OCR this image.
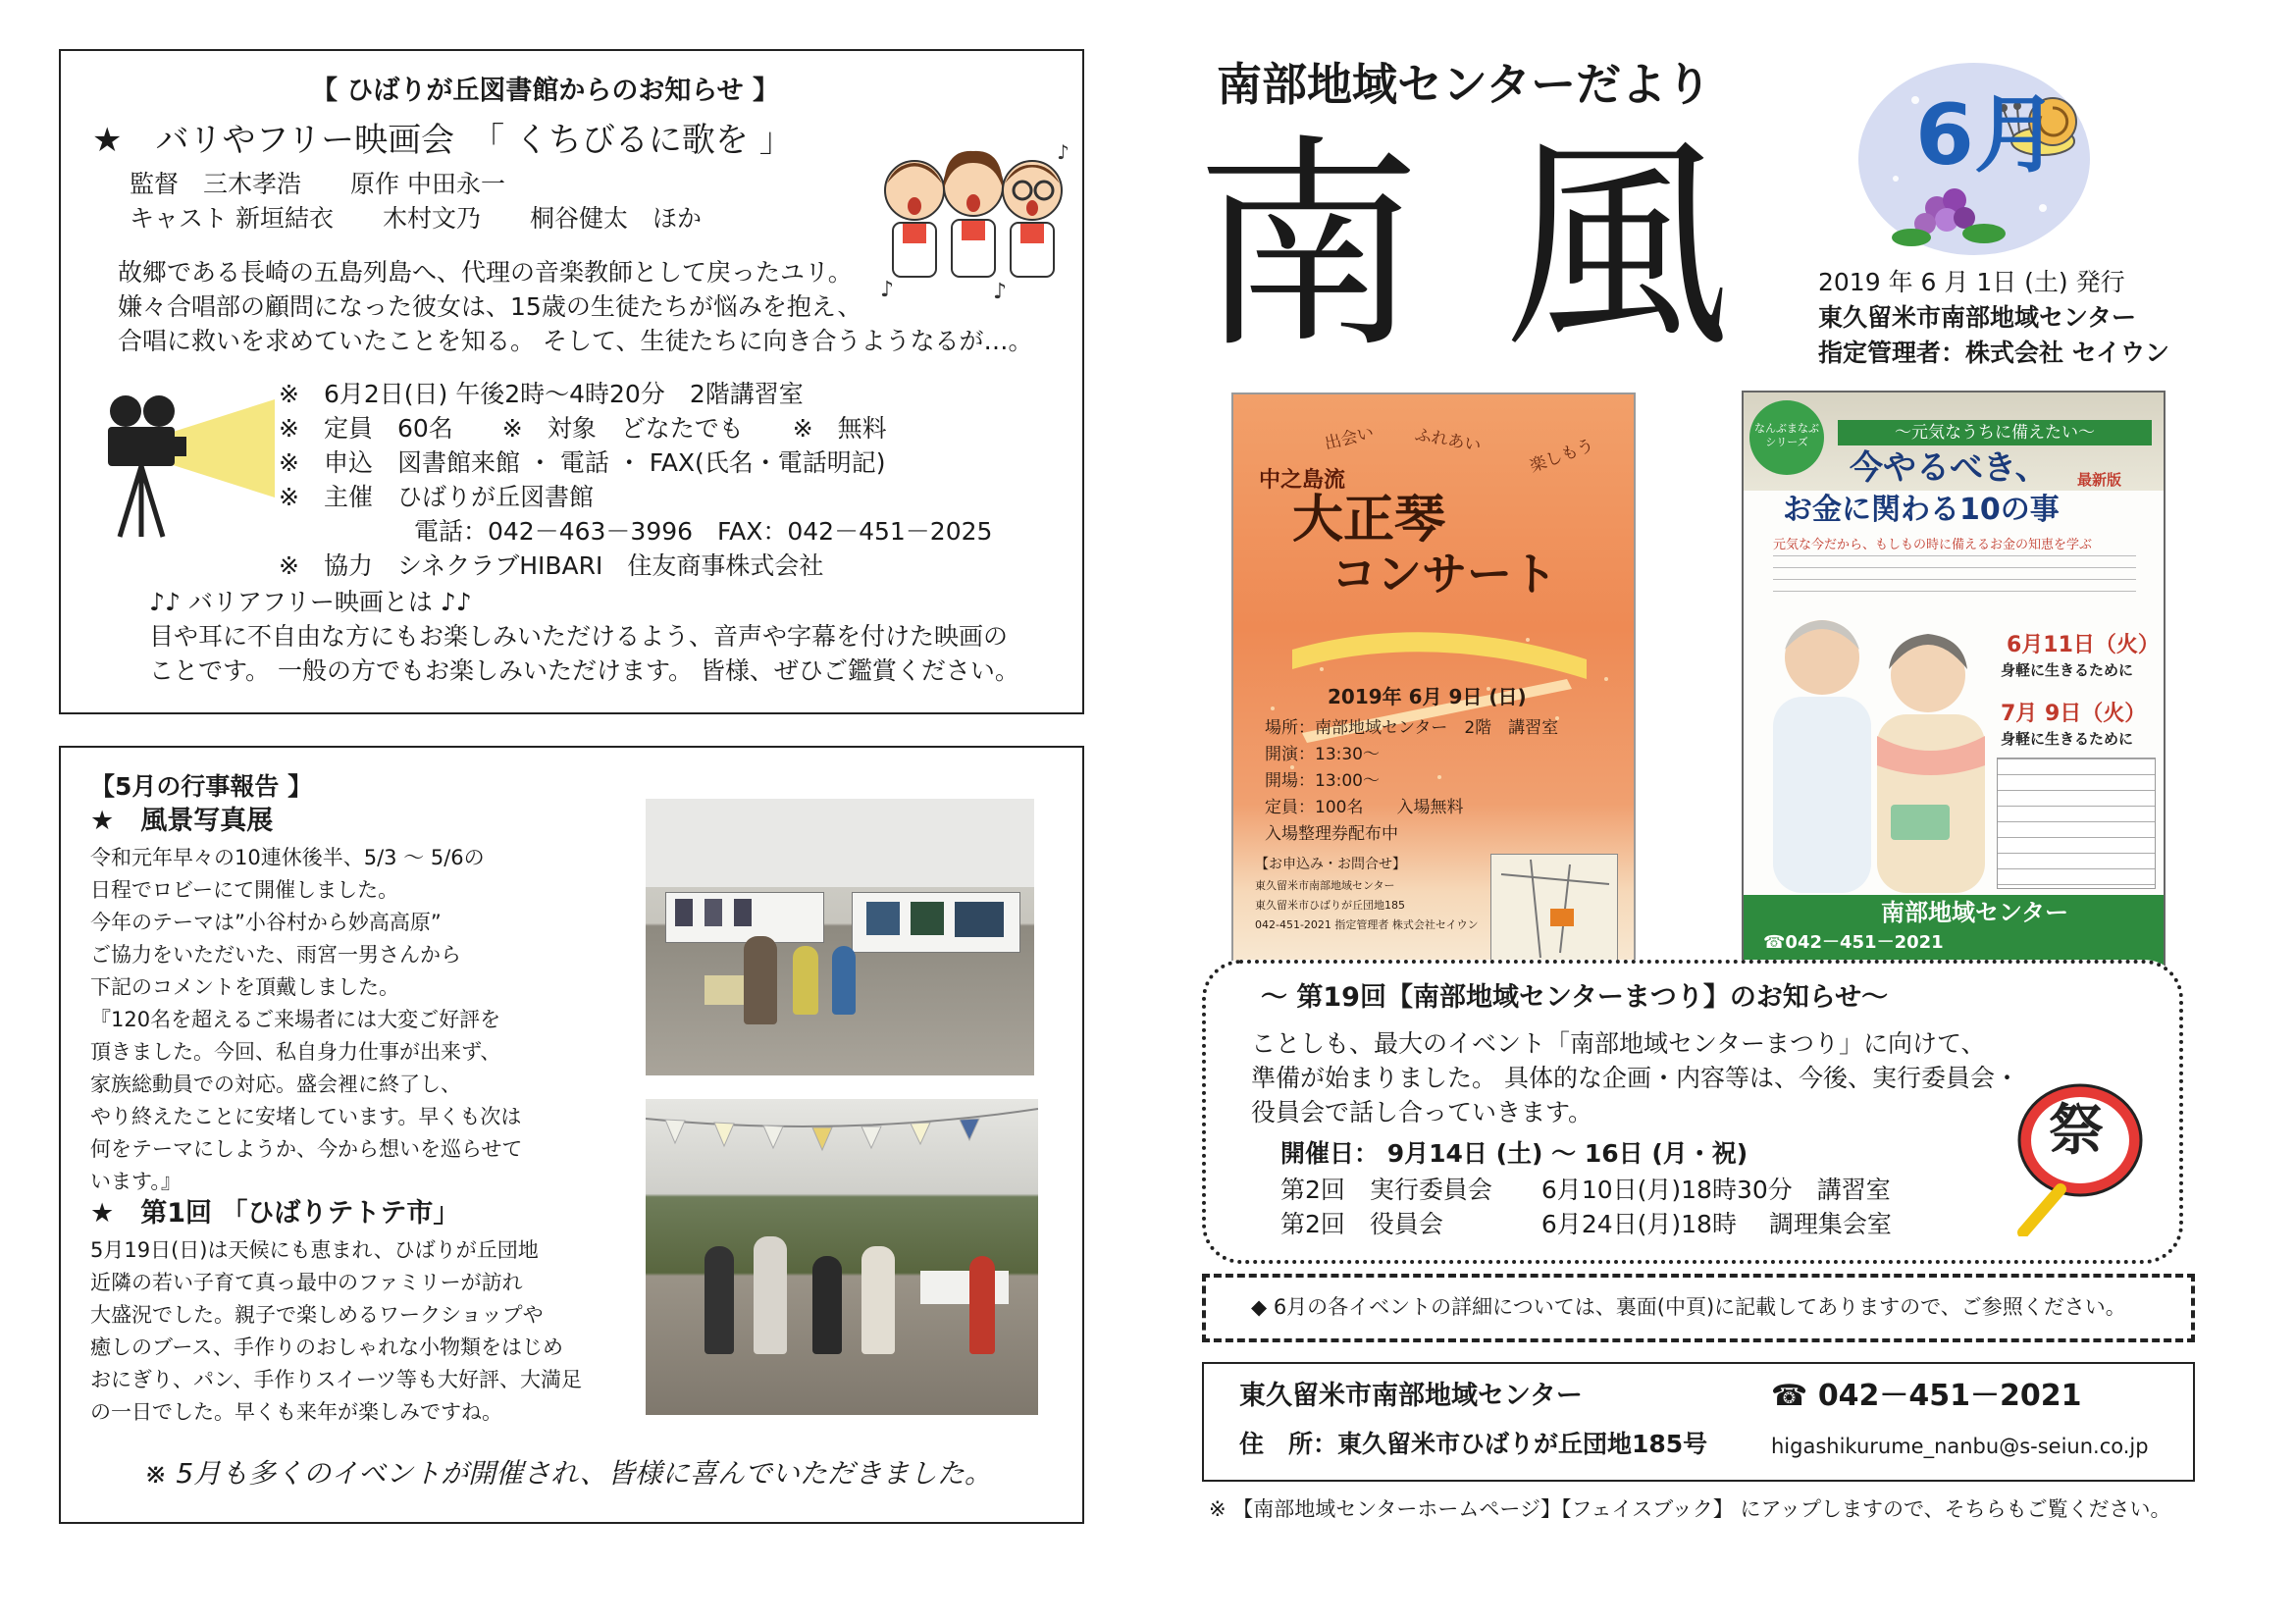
【 ひばりが丘図書館からのお知らせ 】
★　バリやフリー映画会　「 くちびるに歌を 」
監督　三木孝浩　　原作 中田永一
キャスト 新垣結衣　　木村文乃　　桐谷健太　ほか
♪	♪
♪
故郷である長崎の五島列島へ、代理の音楽教師として戻ったユリ。
嫌々合唱部の顧問になった彼女は、15歳の生徒たちが悩みを抱え、
合唱に救いを求めていたことを知る。 そして、生徒たちに向き合うようなるが…。
※　6月2日(日) 午後2時～4時20分　2階講習室
※　定員　60名　　※　対象　どなたでも　　※　無料
※　申込　図書館来館 ・ 電話 ・ FAX(氏名・電話明記)
※　主催　ひばりが丘図書館
電話：042－463－3996　FAX：042－451－2025
※　協力　シネクラブHIBARI　住友商事株式会社
♪♪ バリアフリー映画とは ♪♪
目や耳に不自由な方にもお楽しみいただけるよう、音声や字幕を付けた映画の
ことです。 一般の方でもお楽しみいただけます。 皆様、ぜひご鑑賞ください。
【5月の行事報告 】
★　風景写真展
令和元年早々の10連休後半、5/3 ～ 5/6の
日程でロビーにて開催しました。
今年のテーマは”小谷村から妙高高原”
ご協力をいただいた、雨宮一男さんから
下記のコメントを頂戴しました。
『120名を超えるご来場者には大変ご好評を
頂きました。今回、私自身力仕事が出来ず、
家族総動員での対応。盛会裡に終了し、
やり終えたことに安堵しています。早くも次は
何をテーマにしようか、今から想いを巡らせて
います。』
★　第1回 「ひばりテトテ市」
5月19日(日)は天候にも恵まれ、ひばりが丘団地
近隣の若い子育て真っ最中のファミリーが訪れ
大盛況でした。親子で楽しめるワークショップや
癒しのブース、手作りのおしゃれな小物類をはじめ
おにぎり、パン、手作りスイーツ等も大好評、大満足
の一日でした。早くも来年が楽しみですね。
※ 5月も多くのイベントが開催され、皆様に喜んでいただきました。
南部地域センターだより
南 風 6月
2019 年 6 月 1日 (土) 発行
東久留米市南部地域センター
指定管理者：株式会社 セイウン
出会い ふれあい	楽しもう
中之島流
大正琴
コンサート
2019年 6月 9日 (日)
場所：南部地域センター　2階　講習室
開演：13:30～
開場：13:00～
定員：100名　　入場無料
入場整理券配布中
【お申込み・お問合せ】
東久留米市南部地域センター
東久留米市ひばりが丘団地185
042-451-2021 指定管理者 株式会社セイウン
なんぶまなぶシリーズ	～元気なうちに備えたい～
今やるべき、 最新版
お金に関わる10の事
元気な今だから、もしもの時に備えるお金の知恵を学ぶ
6月11日（火）
身軽に生きるために
7月 9日（火）
身軽に生きるために
南部地域センター
☎042－451－2021
～ 第19回【南部地域センターまつり】のお知らせ～
ことしも、最大のイベント「南部地域センターまつり」に向けて、
準備が始まりました。 具体的な企画・内容等は、今後、実行委員会・
役員会で話し合っていきます。
開催日： 9月14日 (土) ～ 16日 (月・祝)
第2回　実行委員会　　6月10日(月)18時30分　講習室
第2回　役員会　　　　6月24日(月)18時　 調理集会室
祭
◆ 6月の各イベントの詳細については、裏面(中頁)に記載してありますので、ご参照ください。
東久留米市南部地域センター	☎ 042－451－2021
住　所：東久留米市ひばりが丘団地185号	higashikurume_nanbu@s-seiun.co.jp
※ 【南部地域センターホームページ】【フェイスブック】 にアップしますので、そちらもご覧ください。
